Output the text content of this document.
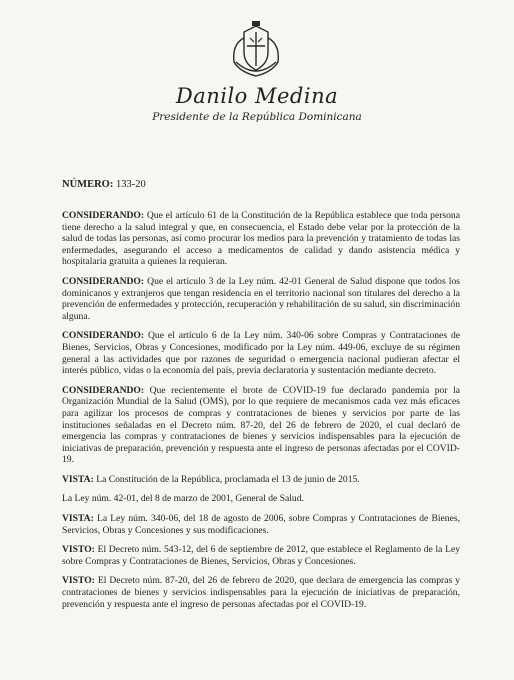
Danilo Medina
Presidente de la República Dominicana
NÚMERO: 133-20

CONSIDERANDO: Que el artículo 61 de la Constitución de la República establece que toda persona tiene derecho a la salud integral y que, en consecuencia, el Estado debe velar por la protección de la salud de todas las personas, así como procurar los medios para la prevención y tratamiento de todas las enfermedades, asegurando el acceso a medicamentos de calidad y dando asistencia médica y hospitalaria gratuita a quienes la requieran.

CONSIDERANDO: Que el artículo 3 de la Ley núm. 42-01 General de Salud dispone que todos los dominicanos y extranjeros que tengan residencia en el territorio nacional son titulares del derecho a la prevención de enfermedades y protección, recuperación y rehabilitación de su salud, sin discriminación alguna.

CONSIDERANDO: Que el artículo 6 de la Ley núm. 340-06 sobre Compras y Contrataciones de Bienes, Servicios, Obras y Concesiones, modificado por la Ley núm. 449-06, excluye de su régimen general a las actividades que por razones de seguridad o emergencia nacional pudieran afectar el interés público, vidas o la economía del país, previa declaratoria y sustentación mediante decreto.

CONSIDERANDO: Que recientemente el brote de COVID-19 fue declarado pandemia por la Organización Mundial de la Salud (OMS), por lo que requiere de mecanismos cada vez más eficaces para agilizar los procesos de compras y contrataciones de bienes y servicios por parte de las instituciones señaladas en el Decreto núm. 87-20, del 26 de febrero de 2020, el cual declaró de emergencia las compras y contrataciones de bienes y servicios indispensables para la ejecución de iniciativas de preparación, prevención y respuesta ante el ingreso de personas afectadas por el COVID-19.

VISTA: La Constitución de la República, proclamada el 13 de junio de 2015.

La Ley núm. 42-01, del 8 de marzo de 2001, General de Salud.

VISTA: La Ley núm. 340-06, del 18 de agosto de 2006, sobre Compras y Contrataciones de Bienes, Servicios, Obras y Concesiones y sus modificaciones.

VISTO: El Decreto núm. 543-12, del 6 de septiembre de 2012, que establece el Reglamento de la Ley sobre Compras y Contrataciones de Bienes, Servicios, Obras y Concesiones.

VISTO: El Decreto núm. 87-20, del 26 de febrero de 2020, que declara de emergencia las compras y contrataciones de bienes y servicios indispensables para la ejecución de iniciativas de preparación, prevención y respuesta ante el ingreso de personas afectadas por el COVID-19.
